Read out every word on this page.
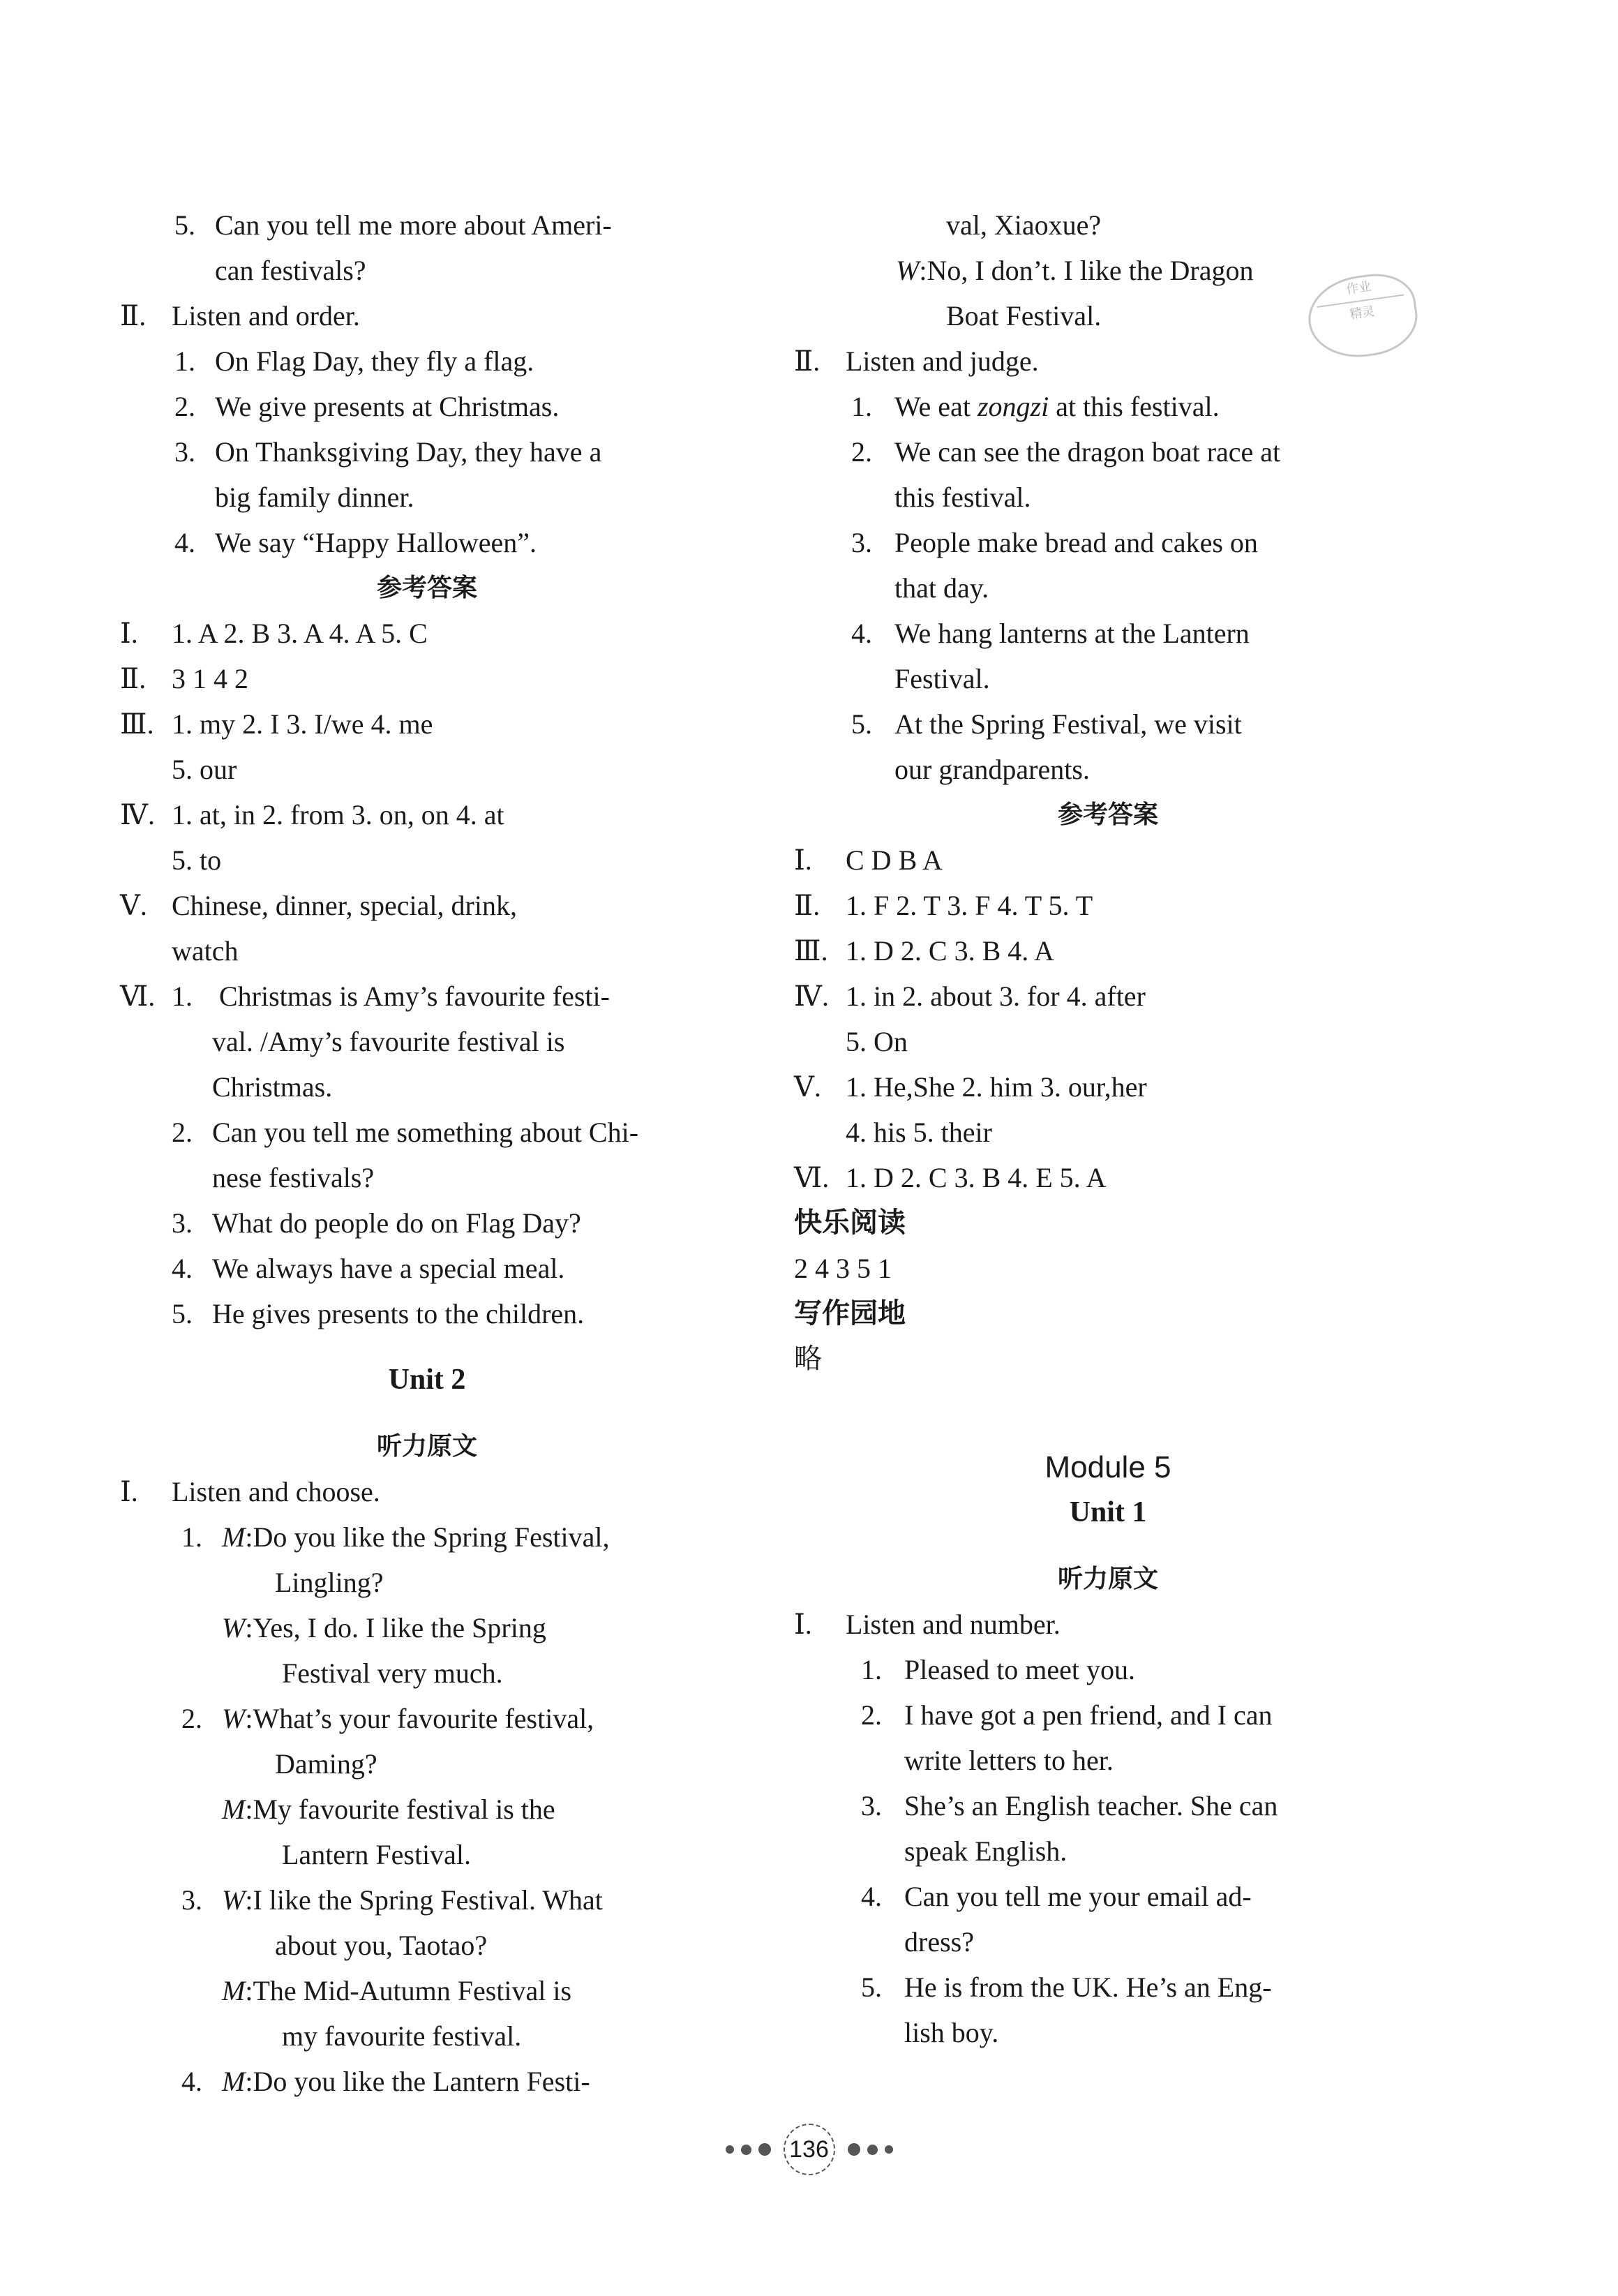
5. Can you tell me more about Ameri-
can festivals?
Ⅱ. Listen and order.
1. On Flag Day, they fly a flag.
2. We give presents at Christmas.
3. On Thanksgiving Day, they have a
big family dinner.
4. We say “Happy Halloween”.
参考答案
Ⅰ. 1. A 2. B 3. A 4. A 5. C
Ⅱ. 3 1 4 2
Ⅲ. 1. my 2. I 3. I/we 4. me
5. our
Ⅳ. 1. at, in 2. from 3. on, on 4. at
5. to
Ⅴ. Chinese, dinner, special, drink,
watch
Ⅵ. 1. Christmas is Amy’s favourite festi-
val. /Amy’s favourite festival is
Christmas.
2. Can you tell me something about Chi-
nese festivals?
3. What do people do on Flag Day?
4. We always have a special meal.
5. He gives presents to the children.
Unit 2
听力原文
Ⅰ. Listen and choose.
1. M:Do you like the Spring Festival,
Lingling?
W:Yes, I do. I like the Spring
Festival very much.
2. W:What’s your favourite festival,
Daming?
M:My favourite festival is the
Lantern Festival.
3. W:I like the Spring Festival. What
about you, Taotao?
M:The Mid-Autumn Festival is
my favourite festival.
4. M:Do you like the Lantern Festi-
val, Xiaoxue?
W:No, I don’t. I like the Dragon
Boat Festival.
Ⅱ. Listen and judge.
1. We eat zongzi at this festival.
2. We can see the dragon boat race at
this festival.
3. People make bread and cakes on
that day.
4. We hang lanterns at the Lantern
Festival.
5. At the Spring Festival, we visit
our grandparents.
参考答案
Ⅰ. C D B A
Ⅱ. 1. F 2. T 3. F 4. T 5. T
Ⅲ. 1. D 2. C 3. B 4. A
Ⅳ. 1. in 2. about 3. for 4. after
5. On
Ⅴ. 1. He,She 2. him 3. our,her
4. his 5. their
Ⅵ. 1. D 2. C 3. B 4. E 5. A
快乐阅读
2 4 3 5 1
写作园地
略
Module 5
Unit 1
听力原文
Ⅰ. Listen and number.
1. Pleased to meet you.
2. I have got a pen friend, and I can
write letters to her.
3. She’s an English teacher. She can
speak English.
4. Can you tell me your email ad-
dress?
5. He is from the UK. He’s an Eng-
lish boy.
作业
精灵
136
